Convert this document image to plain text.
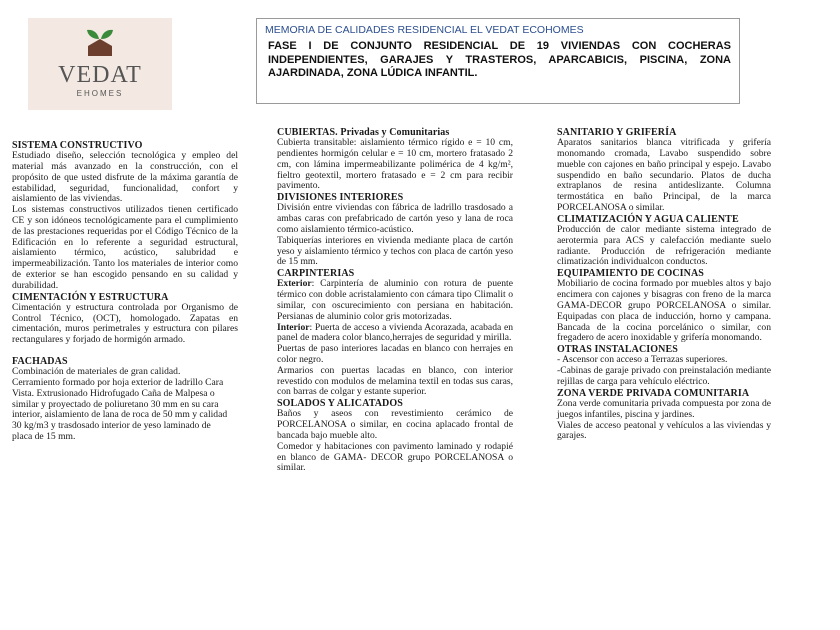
VEDAT
EHOMES
MEMORIA DE CALIDADES RESIDENCIAL EL VEDAT ECOHOMES
FASE I DE CONJUNTO RESIDENCIAL DE 19 VIVIENDAS CON COCHERAS INDEPENDIENTES, GARAJES Y TRASTEROS, APARCABICIS, PISCINA, ZONA AJARDINADA, ZONA LÚDICA INFANTIL.
SISTEMA CONSTRUCTIVO

Estudiado diseño, selección tecnológica y empleo del material más avanzado en la construcción, con el propósito de que usted disfrute de la máxima garantía de estabilidad, seguridad, funcionalidad, confort y aislamiento de las viviendas.

Los sistemas constructivos utilizados tienen certificado CE y son idóneos tecnológicamente para el cumplimiento de las prestaciones requeridas por el Código Técnico de la Edificación en lo referente a seguridad estructural, aislamiento térmico, acústico, salubridad e impermeabilización. Tanto los materiales de interior como de exterior se han escogido pensando en su calidad y durabilidad.

CIMENTACIÓN Y ESTRUCTURA

Cimentación y estructura controlada por Organismo de Control Técnico, (OCT), homologado. Zapatas en cimentación, muros perimetrales y estructura con pilares rectangulares y forjado de hormigón armado.

FACHADAS

Combinación de materiales de gran calidad.

Cerramiento formado por hoja exterior de ladrillo Cara Vista. Extrusionado Hidrofugado Caña de Malpesa o similar y proyectado de poliuretano 30 mm en su cara interior, aislamiento de lana de roca de 50 mm y calidad 30 kg/m3 y trasdosado interior de yeso laminado de

placa de 15 mm.

CUBIERTAS. Privadas y Comunitarias

Cubierta transitable: aislamiento térmico rígido e = 10 cm, pendientes hormigón celular e = 10 cm, mortero fratasado 2 cm, con lámina impermeabilizante polimérica de 4 kg/m², fieltro geotextil, mortero fratasado e = 2 cm para recibir pavimento.

DIVISIONES INTERIORES

División entre viviendas con fábrica de ladrillo trasdosado a ambas caras con prefabricado de cartón yeso y lana de roca como aislamiento térmico-acústico.

Tabiquerías interiores en vivienda mediante placa de cartón yeso y aislamiento térmico y techos con placa de cartón yeso de 15 mm.

CARPINTERIAS

Exterior: Carpintería de aluminio con rotura de puente térmico con doble acristalamiento con cámara tipo Climalit o similar, con oscurecimiento con persiana en habitación. Persianas de aluminio color gris motorizadas.

Interior: Puerta de acceso a vivienda Acorazada, acabada en panel de madera color blanco,herrajes de seguridad y mirilla.

Puertas de paso interiores lacadas en blanco con herrajes en color negro.

Armarios con puertas lacadas en blanco, con interior revestido con modulos de melamina textil en todas sus caras, con barras de colgar y estante superior.

SOLADOS Y ALICATADOS

Baños y aseos con revestimiento cerámico de PORCELANOSA o similar, en cocina aplacado frontal de bancada bajo mueble alto.

Comedor y habitaciones con pavimento laminado y rodapié en blanco de GAMA- DECOR grupo PORCELANOSA o similar.

SANITARIO Y GRIFERÍA

Aparatos sanitarios blanca vitrificada y grifería monomando cromada, Lavabo suspendido sobre mueble con cajones en baño principal y espejo. Lavabo suspendido en baño secundario. Platos de ducha extraplanos de resina antideslizante. Columna termostática en baño Principal, de la marca PORCELANOSA o similar.

CLIMATIZACIÓN Y AGUA CALIENTE

Producción de calor mediante sistema integrado de aerotermia para ACS y calefacción mediante suelo radiante. Producción de refrigeración mediante climatización individualcon conductos.

EQUIPAMIENTO DE COCINAS

Mobiliario de cocina formado por muebles altos y bajo encimera con cajones y bisagras con freno de la marca GAMA-DECOR grupo PORCELANOSA o similar. Equipadas con placa de inducción, horno y campana. Bancada de la cocina porcelánico o similar, con fregadero de acero inoxidable y grifería monomando.

OTRAS INSTALACIONES

- Ascensor con acceso a Terrazas superiores.

-Cabinas de garaje privado con preinstalación mediante rejillas de carga para vehículo eléctrico.

ZONA VERDE PRIVADA COMUNITARIA

Zona verde comunitaria privada compuesta por zona de juegos infantiles, piscina y jardines.

Viales de acceso peatonal y vehículos a las viviendas y garajes.
